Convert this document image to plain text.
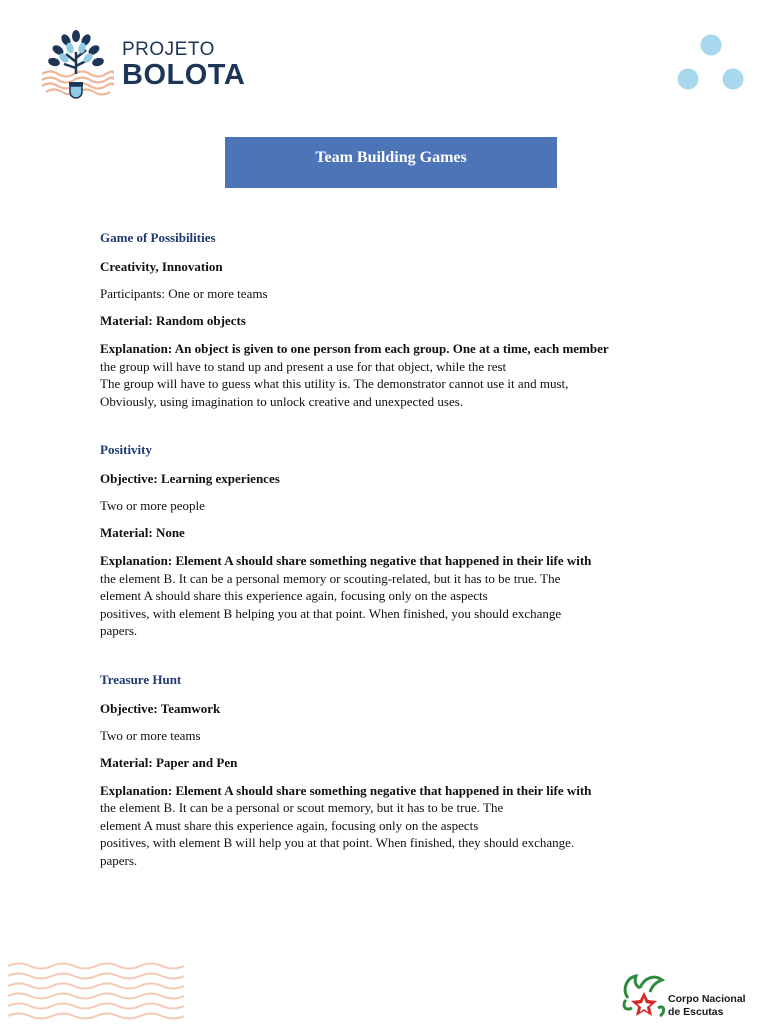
PROJETO
BOLOTA
Team Building Games

Game of Possibilities

Creativity, Innovation

Participants: One or more teams

Material: Random objects

Explanation: An object is given to one person from each group. One at a time, each member

the group will have to stand up and present a use for that object, while the rest

The group will have to guess what this utility is. The demonstrator cannot use it and must,

Obviously, using imagination to unlock creative and unexpected uses.

Positivity

Objective: Learning experiences

Two or more people

Material: None

Explanation: Element A should share something negative that happened in their life with

the element B. It can be a personal memory or scouting-related, but it has to be true. The

element A should share this experience again, focusing only on the aspects

positives, with element B helping you at that point. When finished, you should exchange

papers.

Treasure Hunt

Objective: Teamwork

Two or more teams

Material: Paper and Pen

Explanation: Element A should share something negative that happened in their life with

the element B. It can be a personal or scout memory, but it has to be true. The

element A must share this experience again, focusing only on the aspects

positives, with element B will help you at that point. When finished, they should exchange.

papers.

Corpo Nacional
de Escutas
